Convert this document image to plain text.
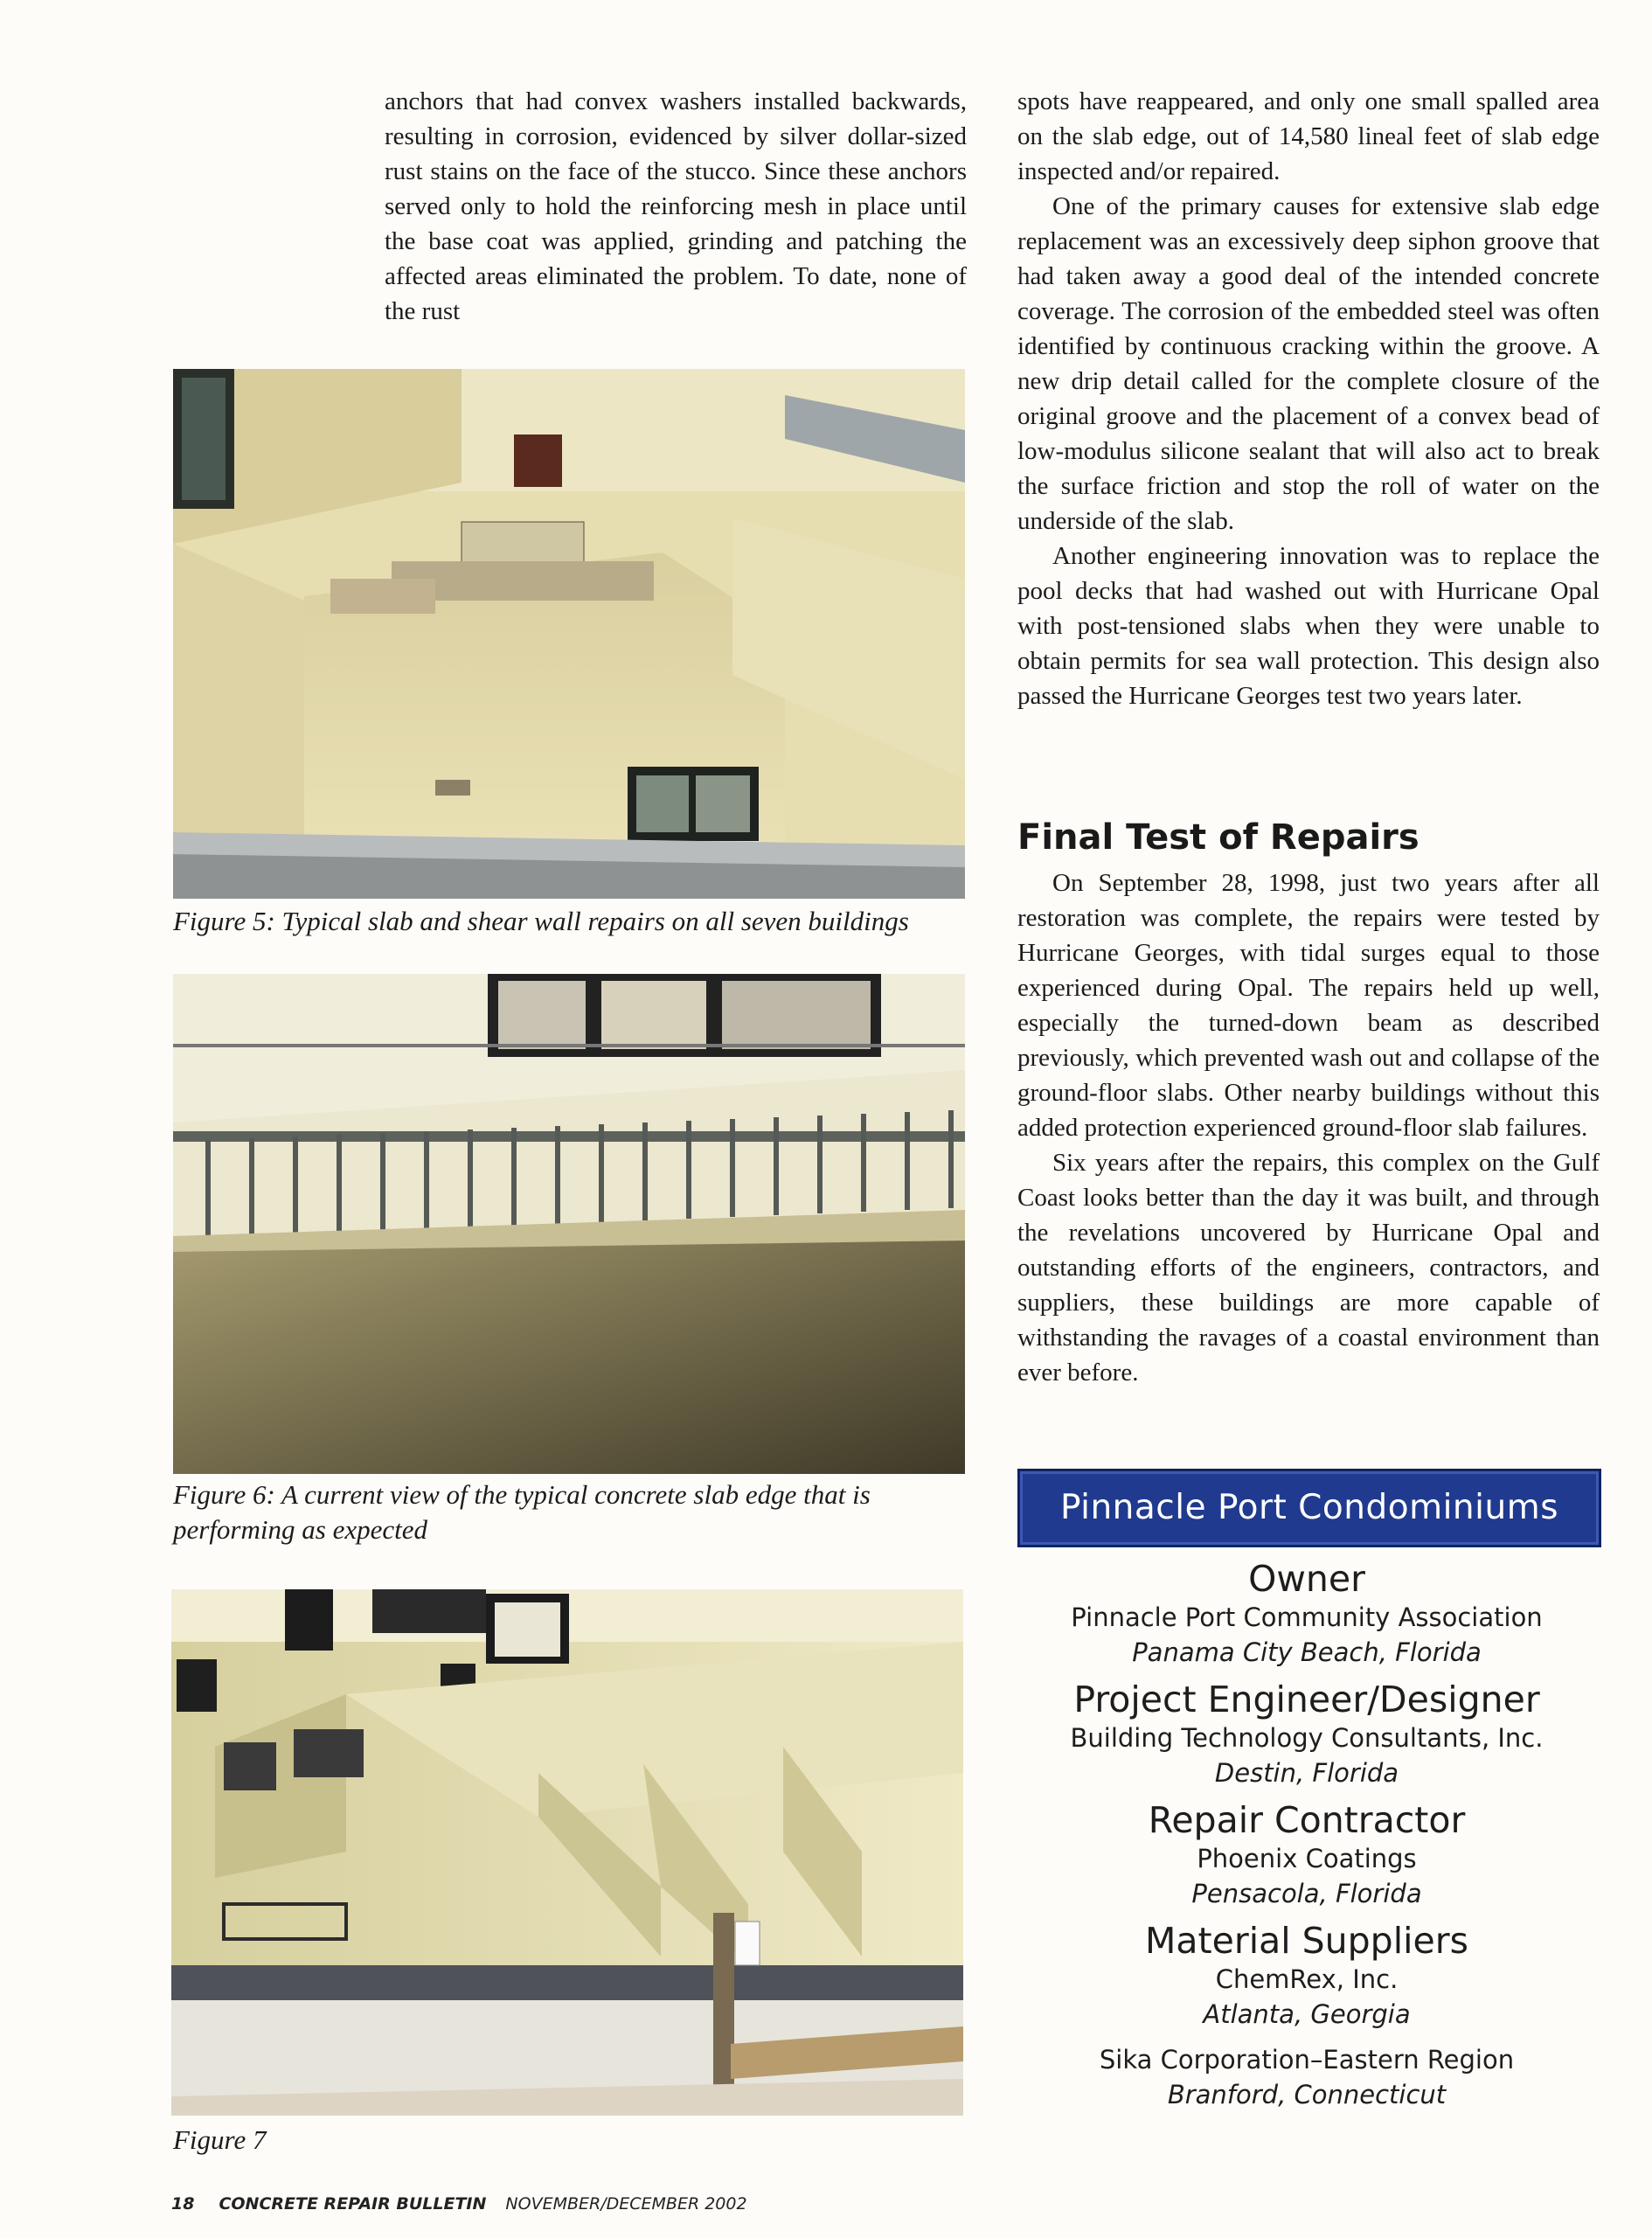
anchors that had convex washers installed backwards, resulting in corrosion, evidenced by silver dollar-sized rust stains on the face of the stucco. Since these anchors served only to hold the reinforcing mesh in place until the base coat was applied, grinding and patching the affected areas eliminated the problem. To date, none of the rust

Figure 5: Typical slab and shear wall repairs on all seven buildings
Figure 6: A current view of the typical concrete slab edge that is performing as expected
Figure 7

spots have reappeared, and only one small spalled area on the slab edge, out of 14,580 lineal feet of slab edge inspected and/or repaired.

One of the primary causes for extensive slab edge replacement was an excessively deep siphon groove that had taken away a good deal of the intended concrete coverage. The corrosion of the embedded steel was often identified by continuous cracking within the groove. A new drip detail called for the complete closure of the original groove and the placement of a convex bead of low-modulus silicone sealant that will also act to break the surface friction and stop the roll of water on the underside of the slab.

Another engineering innovation was to replace the pool decks that had washed out with Hurricane Opal with post-tensioned slabs when they were unable to obtain permits for sea wall protection. This design also passed the Hurricane Georges test two years later.

Final Test of Repairs

On September 28, 1998, just two years after all restoration was complete, the repairs were tested by Hurricane Georges, with tidal surges equal to those experienced during Opal. The repairs held up well, especially the turned-down beam as described previously, which prevented wash out and collapse of the ground-floor slabs. Other nearby buildings without this added protection experienced ground-floor slab failures.

Six years after the repairs, this complex on the Gulf Coast looks better than the day it was built, and through the revelations uncovered by Hurricane Opal and outstanding efforts of the engineers, contractors, and suppliers, these buildings are more capable of withstanding the ravages of a coastal environment than ever before.

Pinnacle Port Condominiums
Owner
Pinnacle Port Community Association
Panama City Beach, Florida
Project Engineer/Designer
Building Technology Consultants, Inc.
Destin, Florida
Repair Contractor
Phoenix Coatings
Pensacola, Florida
Material Suppliers
ChemRex, Inc.
Atlanta, Georgia
Sika Corporation–Eastern Region
Branford, Connecticut
18 CONCRETE REPAIR BULLETIN NOVEMBER/DECEMBER 2002
